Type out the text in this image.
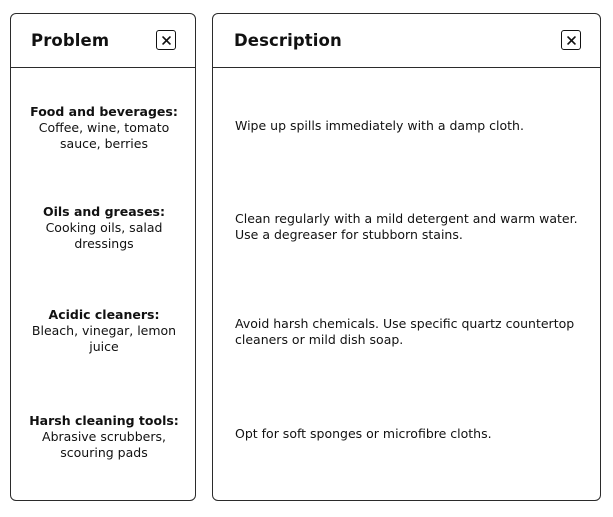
Problem
Food and beverages:
Coffee, wine, tomato sauce, berries
Oils and greases:
Cooking oils, salad dressings
Acidic cleaners:
Bleach, vinegar, lemon juice
Harsh cleaning tools:
Abrasive scrubbers, scouring pads
Description
Wipe up spills immediately with a damp cloth.
Clean regularly with a mild detergent and warm water. Use a degreaser for stubborn stains.
Avoid harsh chemicals. Use specific quartz countertop cleaners or mild dish soap.
Opt for soft sponges or microfibre cloths.
